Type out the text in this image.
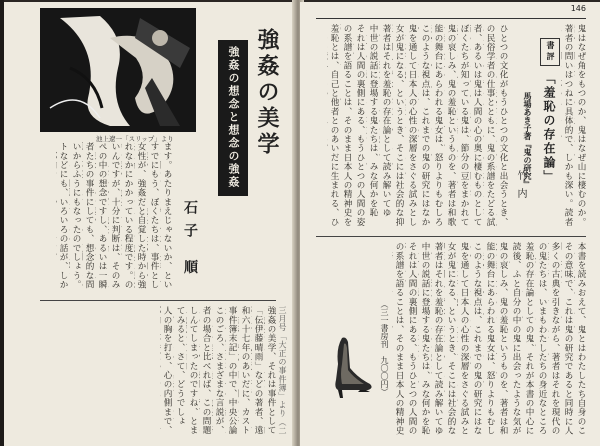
池上遼一「スリップ」より	強姦の美学
強姦の想念と想念の強姦
石子 順
ます。あたりまえじゃないか、とい
すでにもう、ぼくたちは、事件とし
女性が、強姦だと自覚した時から強
れなかにかかっている程度です。の
いんですが、十分に判断は、そのみ
ぺの中の想念ですし、あるいは一瞬
者たちの事件にしても、想念的な問
いからふうにもなったのでしょう。
トなどにも、いろいろの話が、しか
強姦の美学、それは事件として
「伝伊藤晴雨」などの著者、遠
和六十七年のあいだに、カスト
事件簿末記」の中で、中央公論
このごろ、さまざまな言説が、
者の場合と比べれば、この問題
しんてしまったのですね、とま
てみると、さて、どうでしょ
人の胸を打ち、心の内側まで、
三月号「大正の事件簿」より（二　　　
146
書 評
「羞恥の存在論」
馬場あき子著『鬼の研究』
竹内
鬼はなぜ角をもつのか、鬼はなぜ山に棲むのか。
著者の問いはつねに具体的で、しかも深い。読者
ひとつの文化がもうひとつの文化と出会うとき、
の民俗学者の仕事とともに、鬼の系譜をたどる試
者、あるいは鬼は人間の心の奥に棲むものとして
ぼくたちが知っている鬼は、節分の豆をまかれて
鬼の哀しみ、鬼の羞恥というものを、著者は和歌
能の舞台にあらわれる鬼女は、怒りよりもむしろ
このような視点は、これまでの鬼の研究にはなか
鬼を通して日本人の心性の深層をさぐる試みとし
女が鬼になる、というとき、そこには社会的な抑
著者はそれを羞恥の存在論として読み解いてゆ
中世の説話に登場する鬼たちは、みな何かを恥
それは人間の裏側にある、もうひとつの人間の姿
の系譜を語ることは、そのまま日本人の精神史を
羞恥とは、自己と他者とのあいだに生まれる、ひ
本書を読みおえて、鬼とはわたしたち自身のこ
その意味で、これは鬼の研究であると同時に人
多くの古典を引きながら、著者はそれを現代の
の鬼たちは、いまもわたしたちの身近なところ
羞恥の存在論としての鬼、それが本書の中心に
読後、ふと自分の中の鬼に出会ったような気が
鬼の哀しみ、鬼の羞恥というものを、著者は和
能の舞台にあらわれる鬼女は、怒りよりもむし
このような視点は、これまでの鬼の研究にはな
鬼を通して日本人の心性の深層をさぐる試みと
女が鬼になる、というとき、そこには社会的な
著者はそれを羞恥の存在論として読み解いてゆ
中世の説話に登場する鬼たちは、みな何かを恥
それは人間の裏側にある、もうひとつの人間の
の系譜を語ることは、そのまま日本人の精神史
（三一書房刊　九〇〇円）
